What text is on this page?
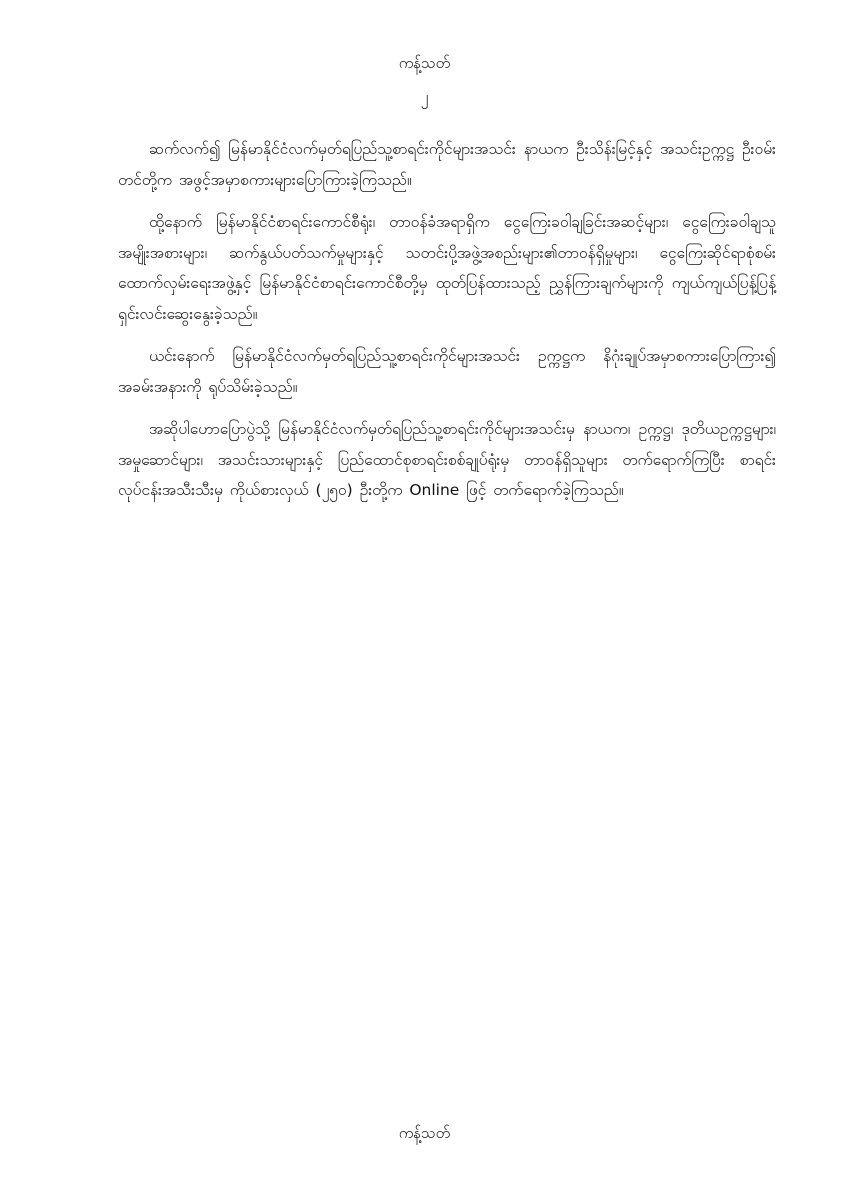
ကန့်သတ်
၂

ဆက်လက်၍ မြန်မာနိုင်ငံလက်မှတ်ရပြည်သူ့စာရင်းကိုင်များအသင်း နာယက ဦးသိန်းမြင့်နှင့် အသင်းဥက္ကဋ္ဌ ဦးဝမ်းတင်တို့က အဖွင့်အမှာစကားများပြောကြားခဲ့ကြသည်။

ထို့နောက် မြန်မာနိုင်ငံစာရင်းကောင်စီရုံး၊ တာဝန်ခံအရာရှိက ငွေကြေးခဝါချခြင်းအဆင့်များ၊ ငွေကြေးခဝါချသူအမျိုးအစားများ၊ ဆက်နွယ်ပတ်သက်မှုများနှင့် သတင်းပို့အဖွဲ့အစည်းများ၏တာဝန်ရှိမှုများ၊ ငွေကြေးဆိုင်ရာစုံစမ်းထောက်လှမ်းရေးအဖွဲ့နှင့် မြန်မာနိုင်ငံစာရင်းကောင်စီတို့မှ ထုတ်ပြန်ထားသည့် ညွှန်ကြားချက်များကို ကျယ်ကျယ်ပြန့်ပြန့် ရှင်းလင်းဆွေးနွေးခဲ့သည်။

ယင်းနောက် မြန်မာနိုင်ငံလက်မှတ်ရပြည်သူ့စာရင်းကိုင်များအသင်း ဥက္ကဋ္ဌက နိဂုံးချုပ်အမှာစကားပြောကြား၍ အခမ်းအနားကို ရုပ်သိမ်းခဲ့သည်။

အဆိုပါဟောပြောပွဲသို့ မြန်မာနိုင်ငံလက်မှတ်ရပြည်သူ့စာရင်းကိုင်များအသင်းမှ နာယက၊ ဥက္ကဋ္ဌ၊ ဒုတိယဥက္ကဋ္ဌများ၊ အမှုဆောင်များ၊ အသင်းသားများနှင့် ပြည်ထောင်စုစာရင်းစစ်ချုပ်ရုံးမှ တာဝန်ရှိသူများ တက်ရောက်ကြပြီး စာရင်းလုပ်ငန်းအသီးသီးမှ ကိုယ်စားလှယ် (၂၅၀) ဦးတို့က Online ဖြင့် တက်ရောက်ခဲ့ကြသည်။

ကန့်သတ်
